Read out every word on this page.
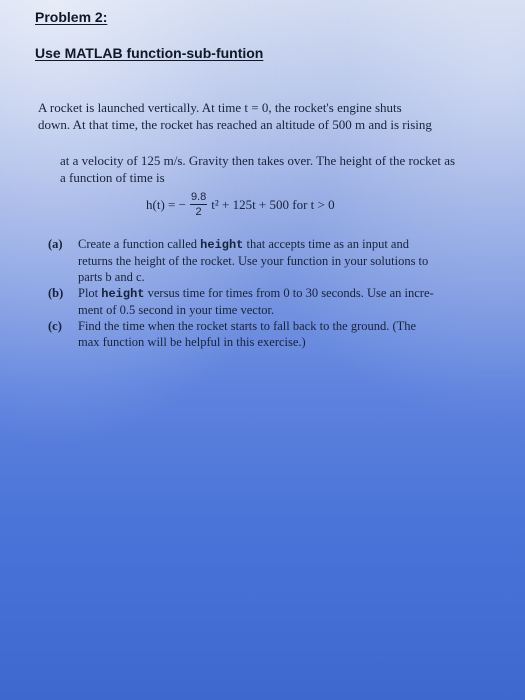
Problem 2:
Use MATLAB function-sub-funtion
A rocket is launched vertically. At time t = 0, the rocket's engine shuts
down. At that time, the rocket has reached an altitude of 500 m and is rising
at a velocity of 125 m/s. Gravity then takes over. The height of the rocket as
a function of time is
h(t) = − $\frac{9.8}{2} t^2 + 125t + 500$ for t > 0
(a) Create a function called height that accepts time as an input and
returns the height of the rocket. Use your function in your solutions to
parts b and c.
(b) Plot height versus time for times from 0 to 30 seconds. Use an incre-
ment of 0.5 second in your time vector.
(c) Find the time when the rocket starts to fall back to the ground. (The
max function will be helpful in this exercise.)
